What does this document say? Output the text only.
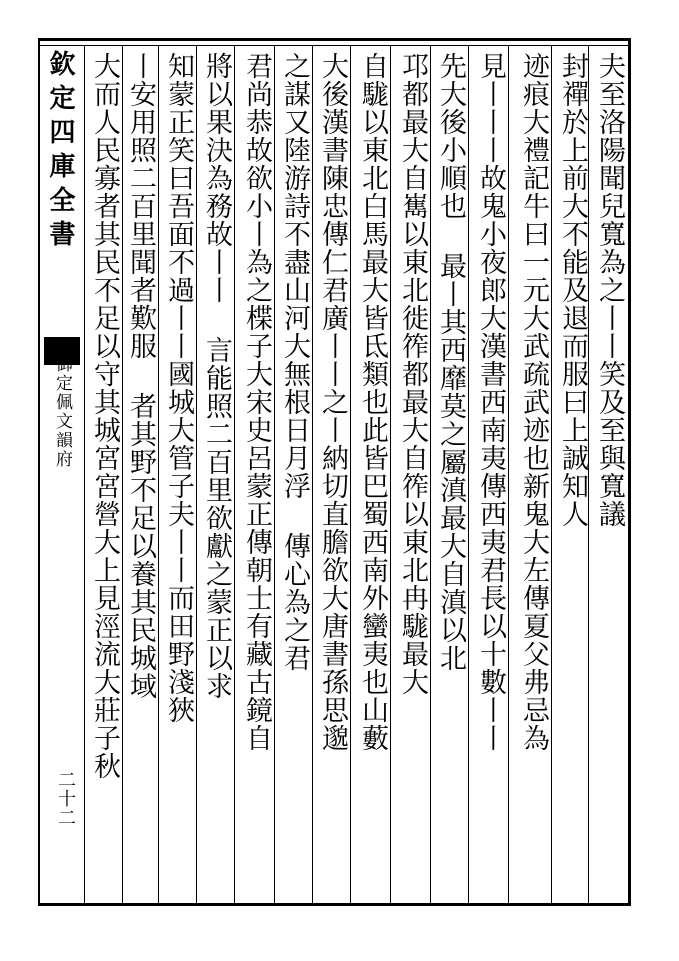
欽定四庫全書
御定佩文韻府
二十二
夫至洛陽聞兒寬為之丨丨笑及至與寬議
封禪於上前大不能及退而服曰上誠知人
迹痕大禮記牛曰一元大武疏武迹也新鬼大左傳夏父弗忌為
見丨丨丨故鬼小夜郎大漢書西南夷傳西夷君長以十數丨丨
先大後小順也 最丨其西靡莫之屬滇最大自滇以北
邛都最大自嶲以東北徙筰都最大自筰以東北冉駹最大
自駹以東北白馬最大皆氐類也此皆巴蜀西南外蠻夷也山藪
大後漢書陳忠傳仁君廣丨丨之丨納切直膽欲大唐書孫思邈
之謀又陸游詩不盡山河大無根日月浮 傳心為之君
君尚恭故欲小丨為之楪子大宋史呂蒙正傳朝士有藏古鏡自
將以果決為務故丨丨 言能照二百里欲獻之蒙正以求
知蒙正笑曰吾面不過丨丨國城大管子夫丨丨而田野淺狹
丨安用照二百里聞者歎服 者其野不足以養其民城域
大而人民寡者其民不足以守其城宮宮營大上見涇流大莊子秋
